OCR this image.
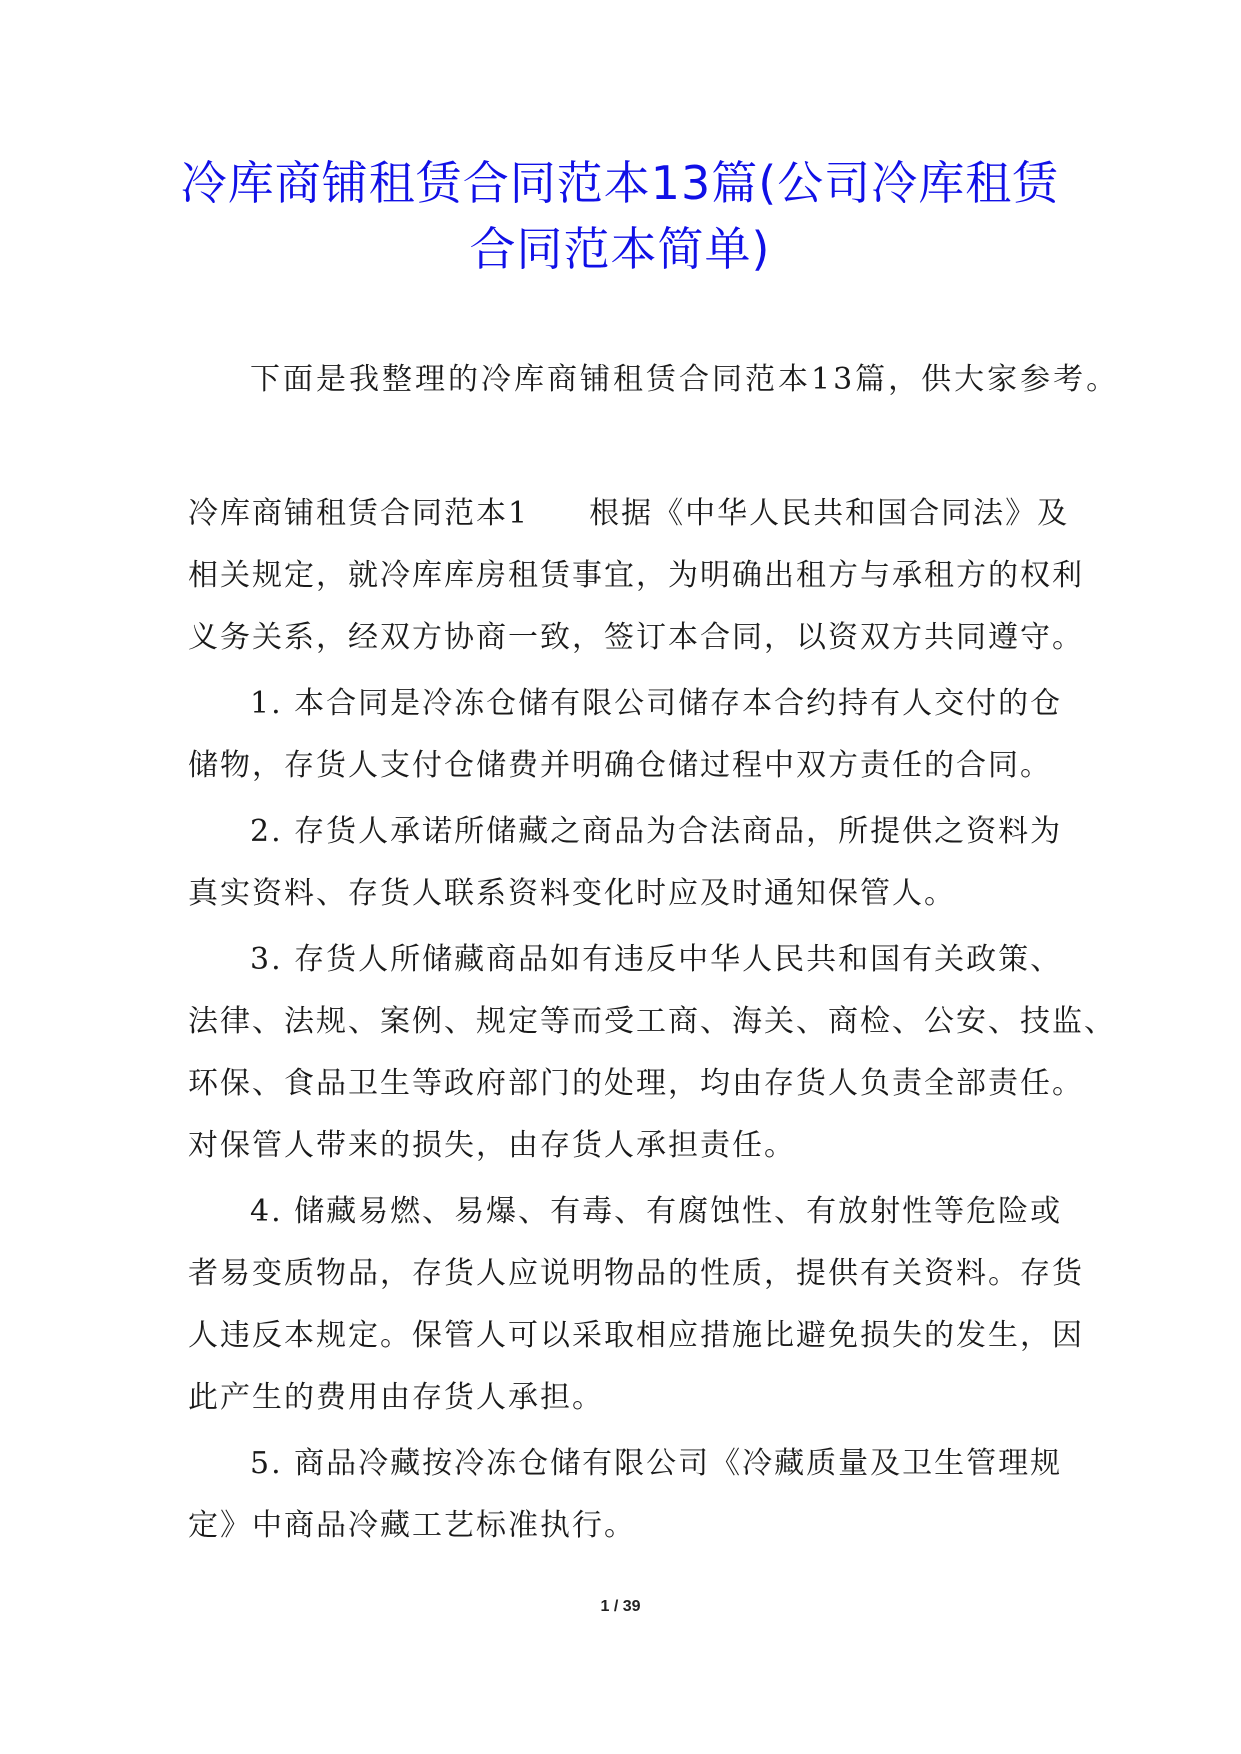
冷库商铺租赁合同范本13篇(公司冷库租赁
合同范本简单)

下面是我整理的冷库商铺租赁合同范本13篇，供大家参考。

冷库商铺租赁合同范本1 根据《中华人民共和国合同法》及
相关规定，就冷库库房租赁事宜，为明确出租方与承租方的权利
义务关系，经双方协商一致，签订本合同，以资双方共同遵守。

1. 本合同是冷冻仓储有限公司储存本合约持有人交付的仓
储物，存货人支付仓储费并明确仓储过程中双方责任的合同。

2. 存货人承诺所储藏之商品为合法商品，所提供之资料为
真实资料、存货人联系资料变化时应及时通知保管人。

3. 存货人所储藏商品如有违反中华人民共和国有关政策、
法律、法规、案例、规定等而受工商、海关、商检、公安、技监、
环保、食品卫生等政府部门的处理，均由存货人负责全部责任。
对保管人带来的损失，由存货人承担责任。

4. 储藏易燃、易爆、有毒、有腐蚀性、有放射性等危险或
者易变质物品，存货人应说明物品的性质，提供有关资料。存货
人违反本规定。保管人可以采取相应措施比避免损失的发生，因
此产生的费用由存货人承担。

5. 商品冷藏按冷冻仓储有限公司《冷藏质量及卫生管理规
定》中商品冷藏工艺标准执行。

1 / 39
